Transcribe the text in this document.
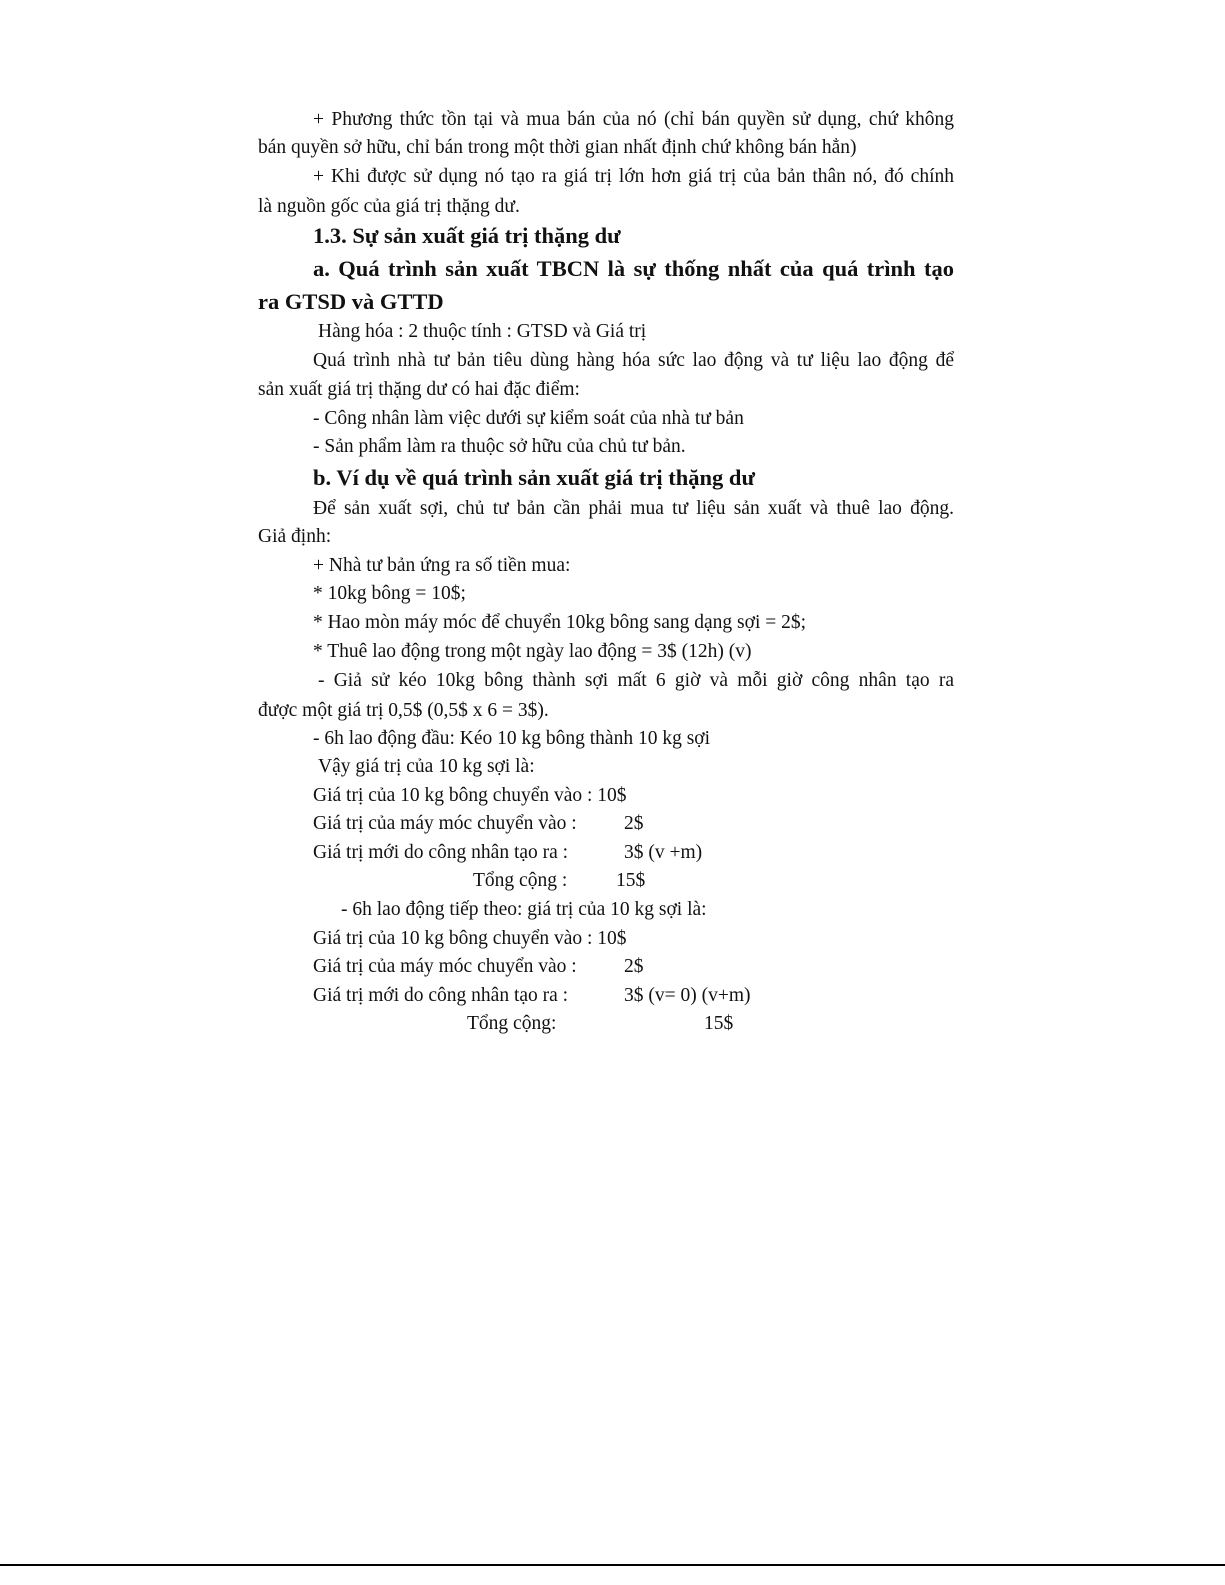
+ Phương thức tồn tại và mua bán của nó (chỉ bán quyền sử dụng, chứ không
bán quyền sở hữu, chỉ bán trong một thời gian nhất định chứ không bán hẳn)
+ Khi được sử dụng nó tạo ra giá trị lớn hơn giá trị của bản thân nó, đó chính
là nguồn gốc của giá trị thặng dư.
1.3. Sự sản xuất giá trị thặng dư
a. Quá trình sản xuất TBCN là sự thống nhất của quá trình tạo
ra GTSD và GTTD
Hàng hóa : 2 thuộc tính : GTSD và Giá trị
Quá trình nhà tư bản tiêu dùng hàng hóa sức lao động và tư liệu lao động để
sản xuất giá trị thặng dư có hai đặc điểm:
- Công nhân làm việc dưới sự kiểm soát của nhà tư bản
- Sản phẩm làm ra thuộc sở hữu của chủ tư bản.
b. Ví dụ về quá trình sản xuất giá trị thặng dư
Để sản xuất sợi, chủ tư bản cần phải mua tư liệu sản xuất và thuê lao động.
Giả định:
+ Nhà tư bản ứng ra số tiền mua:
* 10kg bông = 10$;
* Hao mòn máy móc để chuyển 10kg bông sang dạng sợi = 2$;
* Thuê lao động trong một ngày lao động = 3$ (12h) (v)
- Giả sử kéo 10kg bông thành sợi mất 6 giờ và mỗi giờ công nhân tạo ra
được một giá trị 0,5$ (0,5$ x 6 = 3$).
- 6h lao động đầu: Kéo 10 kg bông thành 10 kg sợi
Vậy giá trị của 10 kg sợi là:
Giá trị của 10 kg bông chuyển vào : 10$
Giá trị của máy móc chuyển vào : 2$
Giá trị mới do công nhân tạo ra :	3$ (v +m)
Tổng cộng :	15$
- 6h lao động tiếp theo: giá trị của 10 kg sợi là:
Giá trị của 10 kg bông chuyển vào : 10$
Giá trị của máy móc chuyển vào : 2$
Giá trị mới do công nhân tạo ra :	3$ (v= 0) (v+m)
Tổng cộng:	15$
